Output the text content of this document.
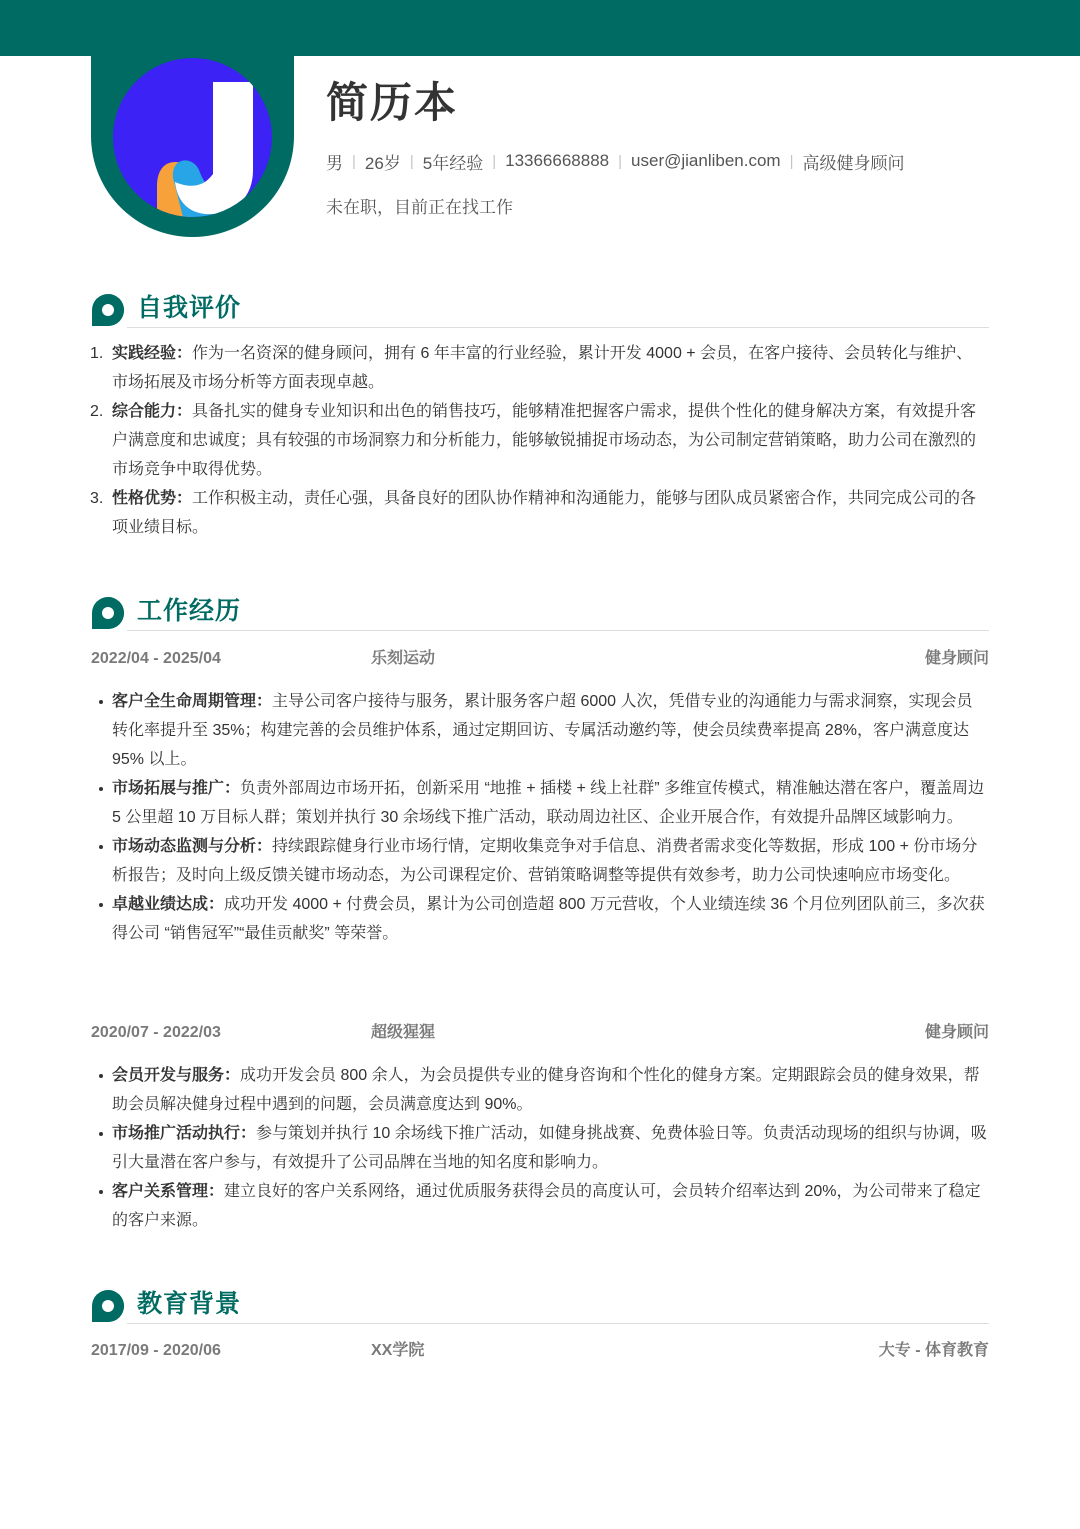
简历本
男 | 26岁 | 5年经验 | 13366668888 | user@jianliben.com | 高级健身顾问
未在职，目前正在找工作
自我评价
1. 实践经验：作为一名资深的健身顾问，拥有 6 年丰富的行业经验，累计开发 4000 + 会员，在客户接待、会员转化与维护、市场拓展及市场分析等方面表现卓越。
2. 综合能力：具备扎实的健身专业知识和出色的销售技巧，能够精准把握客户需求，提供个性化的健身解决方案，有效提升客户满意度和忠诚度；具有较强的市场洞察力和分析能力，能够敏锐捕捉市场动态，为公司制定营销策略，助力公司在激烈的市场竞争中取得优势。
3. 性格优势：工作积极主动，责任心强，具备良好的团队协作精神和沟通能力，能够与团队成员紧密合作，共同完成公司的各项业绩目标。
工作经历
2022/04 - 2025/04	乐刻运动	健身顾问
客户全生命周期管理：主导公司客户接待与服务，累计服务客户超 6000 人次，凭借专业的沟通能力与需求洞察，实现会员转化率提升至 35%；构建完善的会员维护体系，通过定期回访、专属活动邀约等，使会员续费率提高 28%，客户满意度达 95% 以上。
市场拓展与推广：负责外部周边市场开拓，创新采用 “地推 + 插楼 + 线上社群” 多维宣传模式，精准触达潜在客户，覆盖周边 5 公里超 10 万目标人群；策划并执行 30 余场线下推广活动，联动周边社区、企业开展合作，有效提升品牌区域影响力。
市场动态监测与分析：持续跟踪健身行业市场行情，定期收集竞争对手信息、消费者需求变化等数据，形成 100 + 份市场分析报告；及时向上级反馈关键市场动态，为公司课程定价、营销策略调整等提供有效参考，助力公司快速响应市场变化。
卓越业绩达成：成功开发 4000 + 付费会员，累计为公司创造超 800 万元营收，个人业绩连续 36 个月位列团队前三，多次获得公司 “销售冠军”“最佳贡献奖” 等荣誉。
2020/07 - 2022/03	超级猩猩	健身顾问
会员开发与服务：成功开发会员 800 余人，为会员提供专业的健身咨询和个性化的健身方案。定期跟踪会员的健身效果，帮助会员解决健身过程中遇到的问题，会员满意度达到 90%。
市场推广活动执行：参与策划并执行 10 余场线下推广活动，如健身挑战赛、免费体验日等。负责活动现场的组织与协调，吸引大量潜在客户参与，有效提升了公司品牌在当地的知名度和影响力。
客户关系管理：建立良好的客户关系网络，通过优质服务获得会员的高度认可，会员转介绍率达到 20%，为公司带来了稳定的客户来源。
教育背景
2017/09 - 2020/06	XX学院	大专 - 体育教育
